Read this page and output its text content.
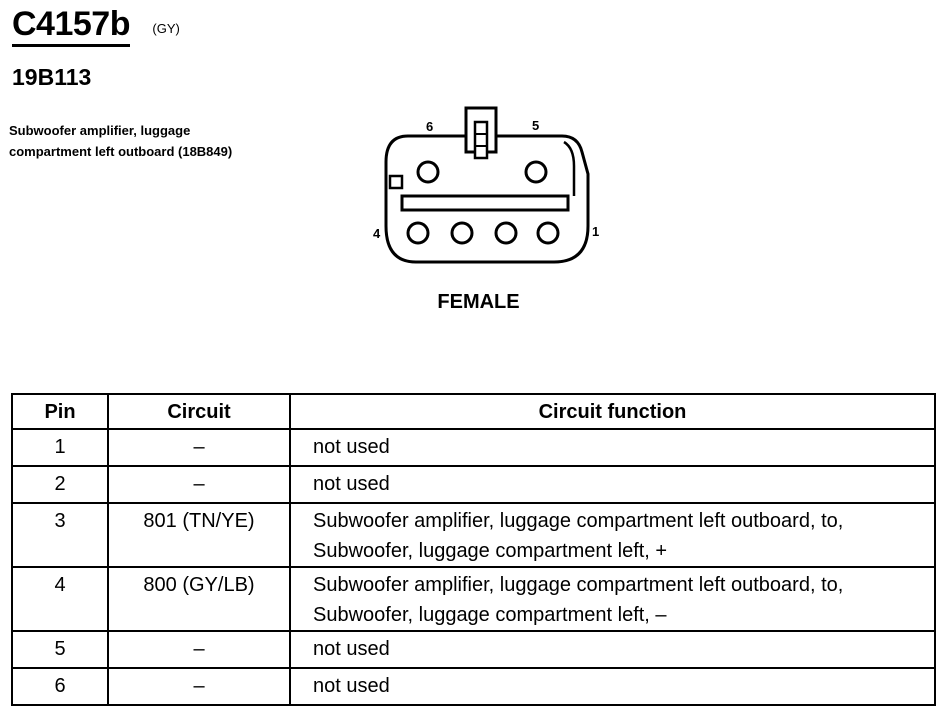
C4157b (GY)
19B113
Subwoofer amplifier, luggage compartment left outboard (18B849)
6	5
4	1
FEMALE
Pin	Circuit	Circuit function
1	–	not used
2	–	not used
3	801 (TN/YE)	Subwoofer amplifier, luggage compartment left outboard, to, Subwoofer, luggage compartment left, +
4	800 (GY/LB)	Subwoofer amplifier, luggage compartment left outboard, to, Subwoofer, luggage compartment left, –
5	–	not used
6	–	not used
